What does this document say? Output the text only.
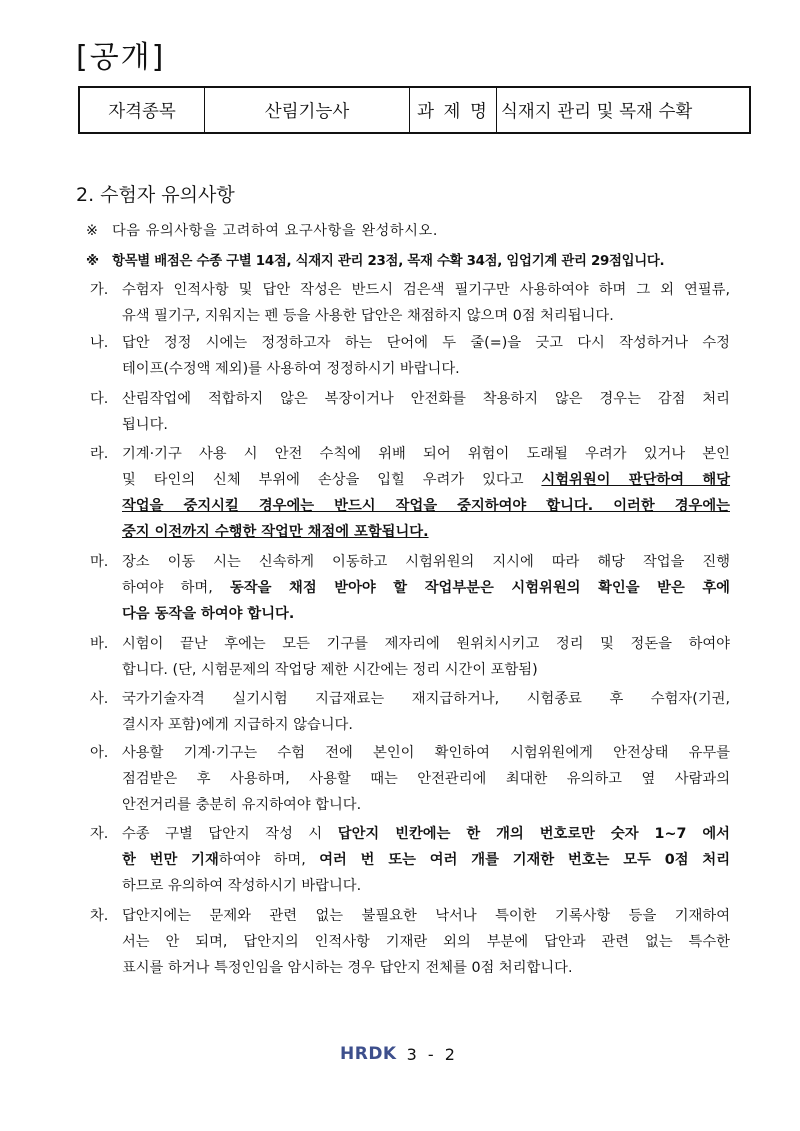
[공개]
자격종목	산림기능사	과 제 명	식재지 관리 및 목재 수확
2. 수험자 유의사항
※ 다음 유의사항을 고려하여 요구사항을 완성하시오.
※ 항목별 배점은 수종 구별 14점, 식재지 관리 23점, 목재 수확 34점, 임업기계 관리 29점입니다.
가. 수험자 인적사항 및 답안 작성은 반드시 검은색 필기구만 사용하여야 하며 그 외 연필류,
유색 필기구, 지워지는 펜 등을 사용한 답안은 채점하지 않으며 0점 처리됩니다.
나. 답안 정정 시에는 정정하고자 하는 단어에 두 줄(=)을 긋고 다시 작성하거나 수정
테이프(수정액 제외)를 사용하여 정정하시기 바랍니다.
다. 산림작업에 적합하지 않은 복장이거나 안전화를 착용하지 않은 경우는 감점 처리
됩니다.
라. 기계·기구 사용 시 안전 수칙에 위배 되어 위험이 도래될 우려가 있거나 본인
및 타인의 신체 부위에 손상을 입힐 우려가 있다고 시험위원이 판단하여 해당
작업을 중지시킬 경우에는 반드시 작업을 중지하여야 합니다. 이러한 경우에는
중지 이전까지 수행한 작업만 채점에 포함됩니다.
마. 장소 이동 시는 신속하게 이동하고 시험위원의 지시에 따라 해당 작업을 진행
하여야 하며, 동작을 채점 받아야 할 작업부분은 시험위원의 확인을 받은 후에
다음 동작을 하여야 합니다.
바. 시험이 끝난 후에는 모든 기구를 제자리에 원위치시키고 정리 및 정돈을 하여야
합니다. (단, 시험문제의 작업당 제한 시간에는 정리 시간이 포함됨)
사. 국가기술자격 실기시험 지급재료는 재지급하거나, 시험종료 후 수험자(기권,
결시자 포함)에게 지급하지 않습니다.
아. 사용할 기계·기구는 수험 전에 본인이 확인하여 시험위원에게 안전상태 유무를
점검받은 후 사용하며, 사용할 때는 안전관리에 최대한 유의하고 옆 사람과의
안전거리를 충분히 유지하여야 합니다.
자. 수종 구별 답안지 작성 시 답안지 빈칸에는 한 개의 번호로만 숫자 1~7 에서
한 번만 기재하여야 하며, 여러 번 또는 여러 개를 기재한 번호는 모두 0점 처리
하므로 유의하여 작성하시기 바랍니다.
차. 답안지에는 문제와 관련 없는 불필요한 낙서나 특이한 기록사항 등을 기재하여
서는 안 되며, 답안지의 인적사항 기재란 외의 부분에 답안과 관련 없는 특수한
표시를 하거나 특정인임을 암시하는 경우 답안지 전체를 0점 처리합니다.
HRDK 3 - 2
